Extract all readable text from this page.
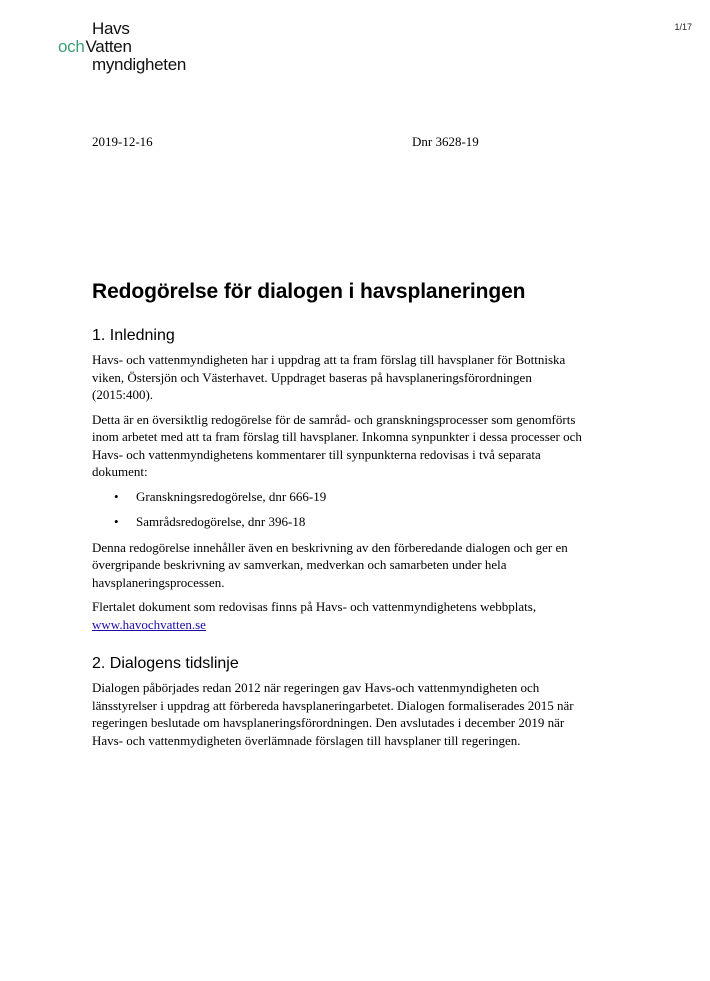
Havs
ochVatten
myndigheten
1/17
2019-12-16	Dnr 3628-19
Redogörelse för dialogen i havsplaneringen
1. Inledning

Havs- och vattenmyndigheten har i uppdrag att ta fram förslag till havsplaner för Bottniska viken, Östersjön och Västerhavet. Uppdraget baseras på havsplaneringsförordningen (2015:400).

Detta är en översiktlig redogörelse för de samråd- och granskningsprocesser som genomförts inom arbetet med att ta fram förslag till havsplaner. Inkomna synpunkter i dessa processer och Havs- och vattenmyndighetens kommentarer till synpunkterna redovisas i två separata dokument:

• Granskningsredogörelse, dnr 666-19
• Samrådsredogörelse, dnr 396-18

Denna redogörelse innehåller även en beskrivning av den förberedande dialogen och ger en övergripande beskrivning av samverkan, medverkan och samarbeten under hela havsplaneringsprocessen.

Flertalet dokument som redovisas finns på Havs- och vattenmyndighetens webbplats, www.havochvatten.se

2. Dialogens tidslinje

Dialogen påbörjades redan 2012 när regeringen gav Havs-och vattenmyndigheten och länsstyrelser i uppdrag att förbereda havsplaneringarbetet. Dialogen formaliserades 2015 när regeringen beslutade om havsplaneringsförordningen. Den avslutades i december 2019 när Havs- och vattenmydigheten överlämnade förslagen till havsplaner till regeringen.
